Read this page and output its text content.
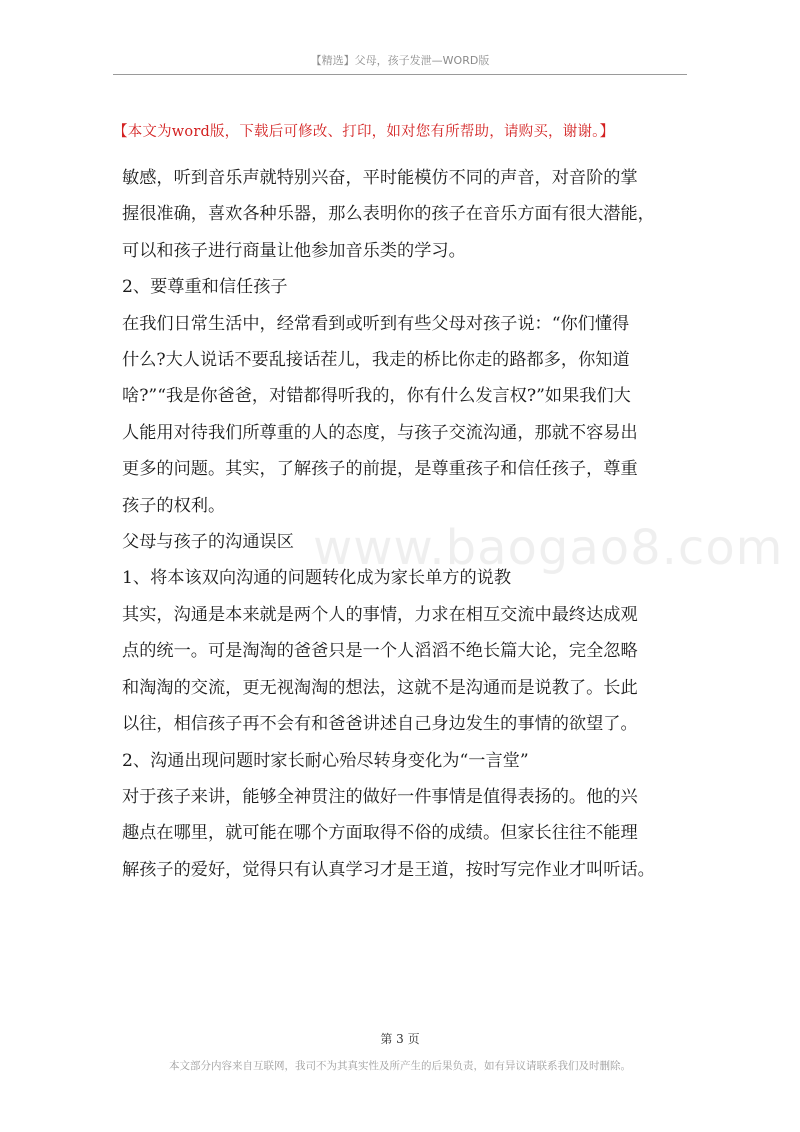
【精选】父母，孩子发泄—WORD版
【本文为word版，下载后可修改、打印，如对您有所帮助，请购买，谢谢。】

敏感，听到音乐声就特别兴奋，平时能模仿不同的声音，对音阶的掌

握很准确，喜欢各种乐器，那么表明你的孩子在音乐方面有很大潜能，

可以和孩子进行商量让他参加音乐类的学习。

2、要尊重和信任孩子

在我们日常生活中，经常看到或听到有些父母对孩子说：“你们懂得

什么?大人说话不要乱接话茬儿，我走的桥比你走的路都多，你知道

啥?”“我是你爸爸，对错都得听我的，你有什么发言权?”如果我们大

人能用对待我们所尊重的人的态度，与孩子交流沟通，那就不容易出

更多的问题。其实，了解孩子的前提，是尊重孩子和信任孩子，尊重

孩子的权利。

父母与孩子的沟通误区

1、将本该双向沟通的问题转化成为家长单方的说教

其实，沟通是本来就是两个人的事情，力求在相互交流中最终达成观

点的统一。可是淘淘的爸爸只是一个人滔滔不绝长篇大论，完全忽略

和淘淘的交流，更无视淘淘的想法，这就不是沟通而是说教了。长此

以往，相信孩子再不会有和爸爸讲述自己身边发生的事情的欲望了。

2、沟通出现问题时家长耐心殆尽转身变化为“一言堂”

对于孩子来讲，能够全神贯注的做好一件事情是值得表扬的。他的兴

趣点在哪里，就可能在哪个方面取得不俗的成绩。但家长往往不能理

解孩子的爱好，觉得只有认真学习才是王道，按时写完作业才叫听话。

www.baogao8.com
第 3 页
本文部分内容来自互联网，我司不为其真实性及所产生的后果负责，如有异议请联系我们及时删除。
